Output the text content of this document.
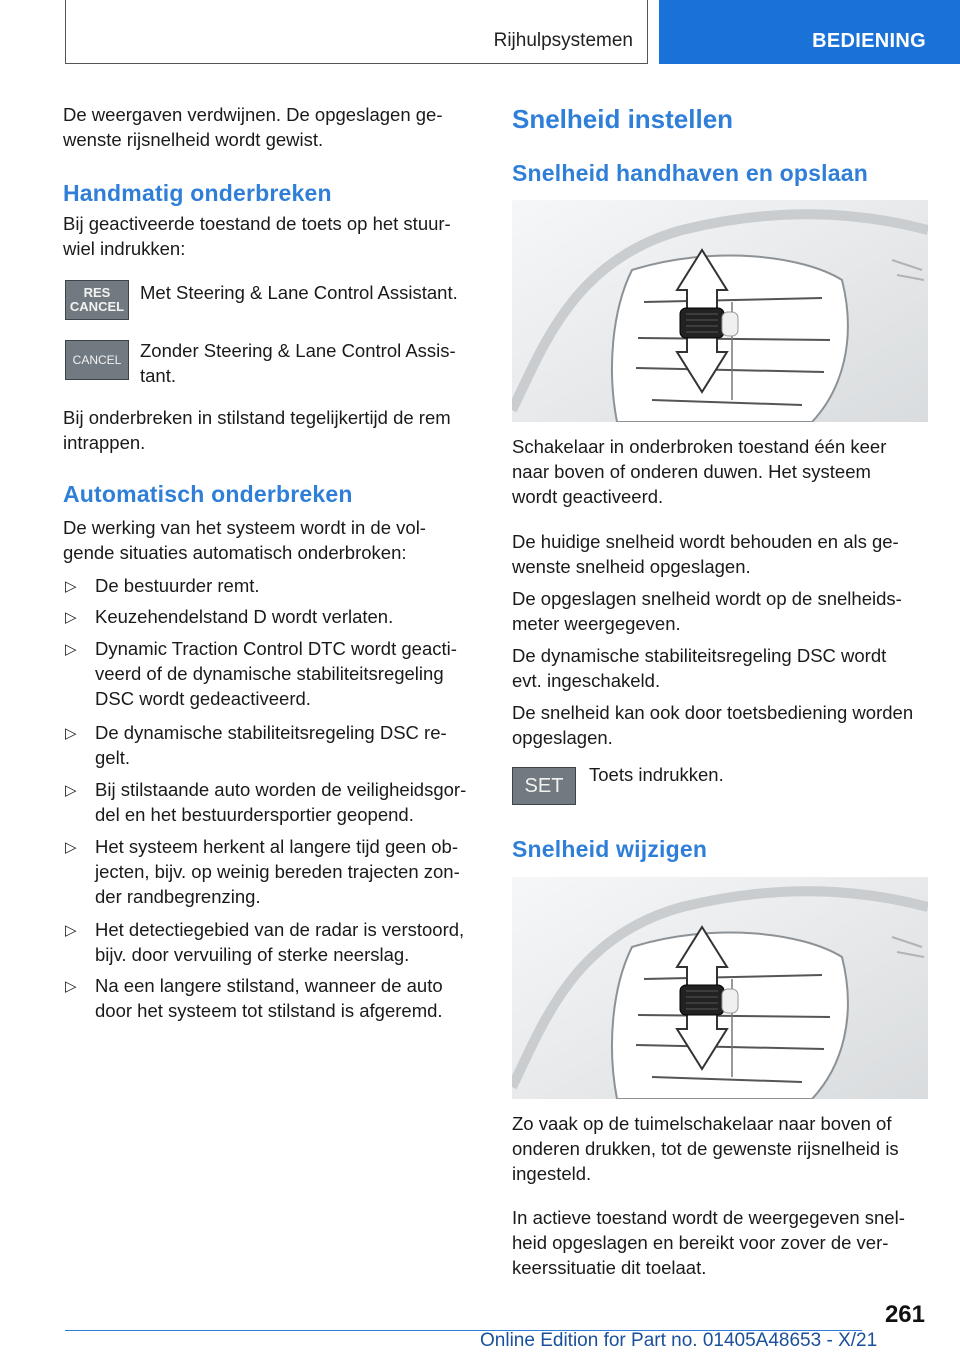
Rijhulpsystemen	BEDIENING

De weergaven verdwijnen. De opgeslagen ge-

wenste rijsnelheid wordt gewist.

Handmatig onderbreken

Bij geactiveerde toestand de toets op het stuur-

wiel indrukken:

RES
CANCEL

Met Steering & Lane Control Assistant.

CANCEL	Zonder Steering & Lane Control Assis-

tant.

Bij onderbreken in stilstand tegelijkertijd de rem

intrappen.

Automatisch onderbreken

De werking van het systeem wordt in de vol-

gende situaties automatisch onderbroken:

▷ De bestuurder remt.

▷ Keuzehendelstand D wordt verlaten.

▷ Dynamic Traction Control DTC wordt geacti-

veerd of de dynamische stabiliteitsregeling

DSC wordt gedeactiveerd.

▷ De dynamische stabiliteitsregeling DSC re-

gelt.

▷ Bij stilstaande auto worden de veiligheidsgor-

del en het bestuurdersportier geopend.

▷ Het systeem herkent al langere tijd geen ob-

jecten, bijv. op weinig bereden trajecten zon-

der randbegrenzing.

▷ Het detectiegebied van de radar is verstoord,

bijv. door vervuiling of sterke neerslag.

▷ Na een langere stilstand, wanneer de auto

door het systeem tot stilstand is afgeremd.

Snelheid instellen
Snelheid handhaven en opslaan

Schakelaar in onderbroken toestand één keer

naar boven of onderen duwen. Het systeem

wordt geactiveerd.

De huidige snelheid wordt behouden en als ge-

wenste snelheid opgeslagen.

De opgeslagen snelheid wordt op de snelheids-

meter weergegeven.

De dynamische stabiliteitsregeling DSC wordt

evt. ingeschakeld.

De snelheid kan ook door toetsbediening worden

opgeslagen.

SET	Toets indrukken.

Snelheid wijzigen

Zo vaak op de tuimelschakelaar naar boven of

onderen drukken, tot de gewenste rijsnelheid is

ingesteld.

In actieve toestand wordt de weergegeven snel-

heid opgeslagen en bereikt voor zover de ver-

keerssituatie dit toelaat.

261
Online Edition for Part no. 01405A48653 - X/21
